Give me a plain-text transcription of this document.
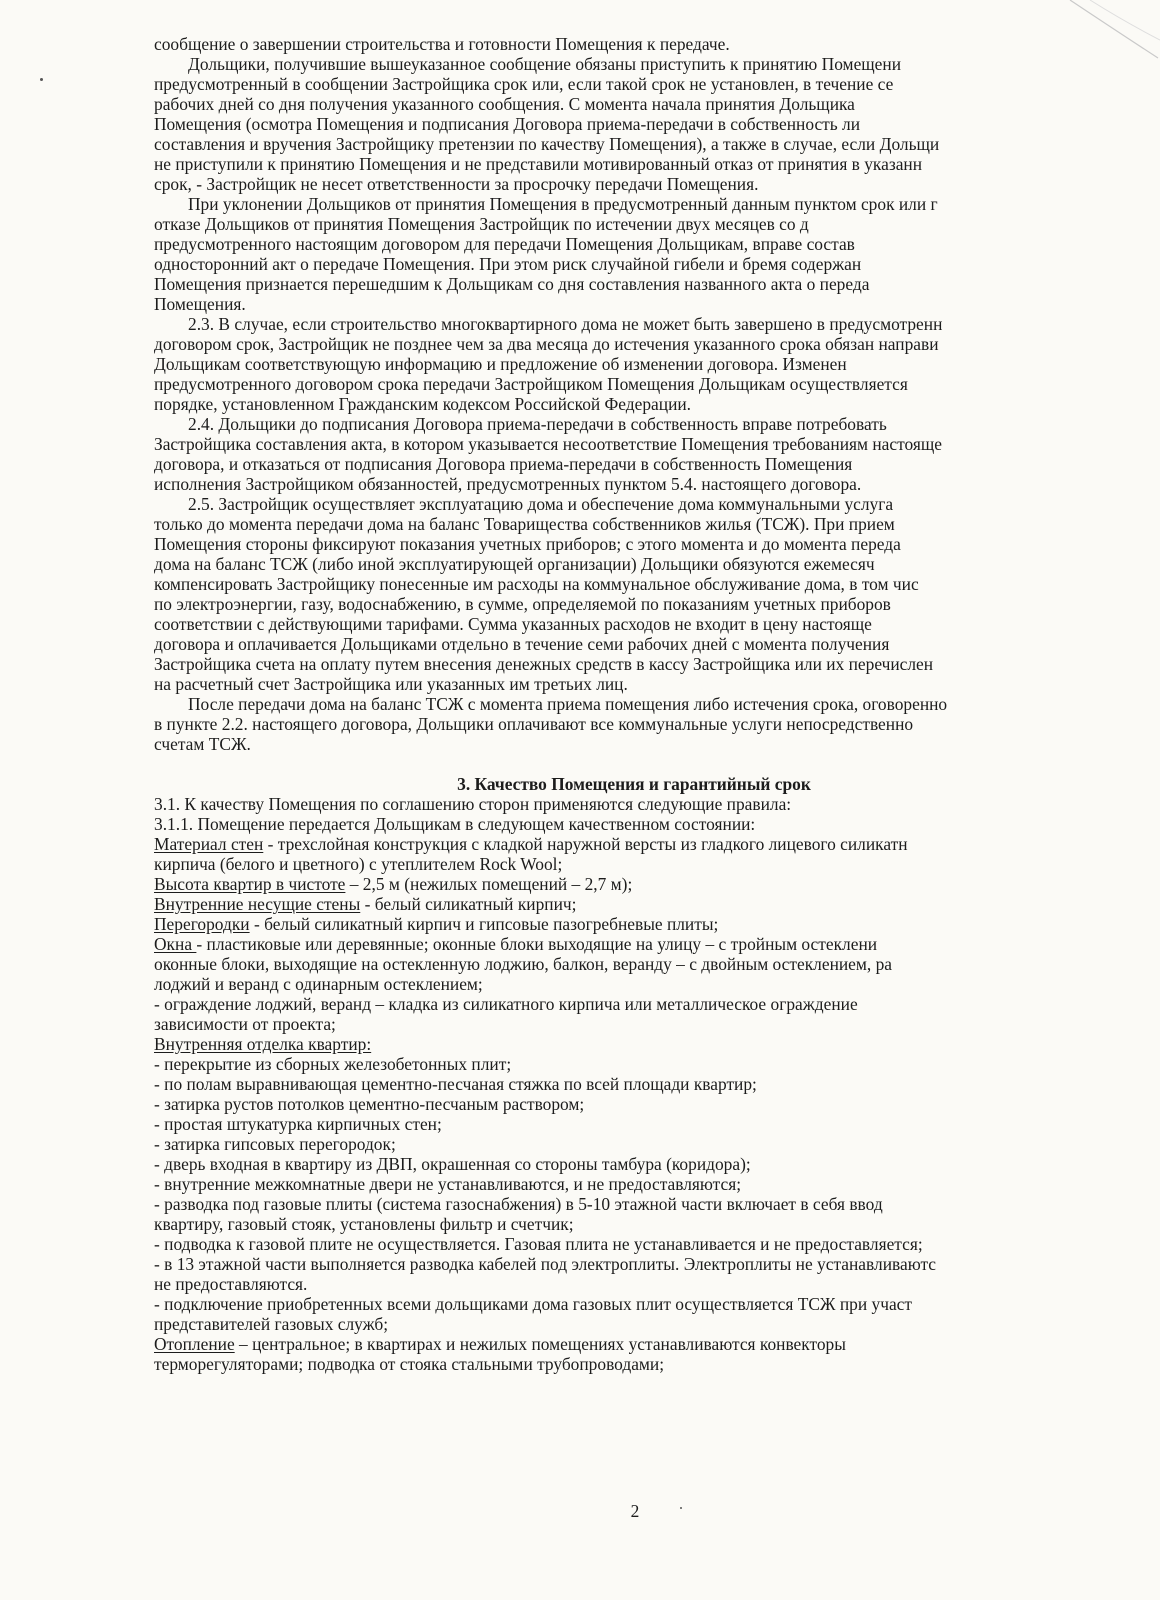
сообщение о завершении строительства и готовности Помещения к передаче.
Дольщики, получившие вышеуказанное сообщение обязаны приступить к принятию Помещени
предусмотренный в сообщении Застройщика срок или, если такой срок не установлен, в течение се
рабочих дней со дня получения указанного сообщения. С момента начала принятия Дольщика
Помещения (осмотра Помещения и подписания Договора приема-передачи в собственность ли
составления и вручения Застройщику претензии по качеству Помещения), а также в случае, если Дольщи
не приступили к принятию Помещения и не представили мотивированный отказ от принятия в указанн
срок, - Застройщик не несет ответственности за просрочку передачи Помещения.
При уклонении Дольщиков от принятия Помещения в предусмотренный данным пунктом срок или г
отказе Дольщиков от принятия Помещения Застройщик по истечении двух месяцев со д
предусмотренного настоящим договором для передачи Помещения Дольщикам, вправе состав
односторонний акт о передаче Помещения. При этом риск случайной гибели и бремя содержан
Помещения признается перешедшим к Дольщикам со дня составления названного акта о переда
Помещения.
2.3. В случае, если строительство многоквартирного дома не может быть завершено в предусмотренн
договором срок, Застройщик не позднее чем за два месяца до истечения указанного срока обязан направи
Дольщикам соответствующую информацию и предложение об изменении договора. Изменен
предусмотренного договором срока передачи Застройщиком Помещения Дольщикам осуществляется
порядке, установленном Гражданским кодексом Российской Федерации.
2.4. Дольщики до подписания Договора приема-передачи в собственность вправе потребовать
Застройщика составления акта, в котором указывается несоответствие Помещения требованиям настояще
договора, и отказаться от подписания Договора приема-передачи в собственность Помещения
исполнения Застройщиком обязанностей, предусмотренных пунктом 5.4. настоящего договора.
2.5. Застройщик осуществляет эксплуатацию дома и обеспечение дома коммунальными услуга
только до момента передачи дома на баланс Товарищества собственников жилья (ТСЖ). При прием
Помещения стороны фиксируют показания учетных приборов; с этого момента и до момента переда
дома на баланс ТСЖ (либо иной эксплуатирующей организации) Дольщики обязуются ежемесяч
компенсировать Застройщику понесенные им расходы на коммунальное обслуживание дома, в том чис
по электроэнергии, газу, водоснабжению, в сумме, определяемой по показаниям учетных приборов
соответствии с действующими тарифами. Сумма указанных расходов не входит в цену настояще
договора и оплачивается Дольщиками отдельно в течение семи рабочих дней с момента получения
Застройщика счета на оплату путем внесения денежных средств в кассу Застройщика или их перечислен
на расчетный счет Застройщика или указанных им третьих лиц.
После передачи дома на баланс ТСЖ с момента приема помещения либо истечения срока, оговоренно
в пункте 2.2. настоящего договора, Дольщики оплачивают все коммунальные услуги непосредственно
счетам ТСЖ.
3. Качество Помещения и гарантийный срок
3.1. К качеству Помещения по соглашению сторон применяются следующие правила:
3.1.1. Помещение передается Дольщикам в следующем качественном состоянии:
Материал стен - трехслойная конструкция с кладкой наружной версты из гладкого лицевого силикатн
кирпича (белого и цветного) с утеплителем Rock Wool;
Высота квартир в чистоте – 2,5 м (нежилых помещений – 2,7 м);
Внутренние несущие стены - белый силикатный кирпич;
Перегородки - белый силикатный кирпич и гипсовые пазогребневые плиты;
Окна - пластиковые или деревянные; оконные блоки выходящие на улицу – с тройным остеклени
оконные блоки, выходящие на остекленную лоджию, балкон, веранду – с двойным остеклением, ра
лоджий и веранд с одинарным остеклением;
- ограждение лоджий, веранд – кладка из силикатного кирпича или металлическое ограждение
зависимости от проекта;
Внутренняя отделка квартир:
- перекрытие из сборных железобетонных плит;
- по полам выравнивающая цементно-песчаная стяжка по всей площади квартир;
- затирка рустов потолков цементно-песчаным раствором;
- простая штукатурка кирпичных стен;
- затирка гипсовых перегородок;
- дверь входная в квартиру из ДВП, окрашенная со стороны тамбура (коридора);
- внутренние межкомнатные двери не устанавливаются, и не предоставляются;
- разводка под газовые плиты (система газоснабжения) в 5-10 этажной части включает в себя ввод
квартиру, газовый стояк, установлены фильтр и счетчик;
- подводка к газовой плите не осуществляется. Газовая плита не устанавливается и не предоставляется;
- в 13 этажной части выполняется разводка кабелей под электроплиты. Электроплиты не устанавливаютс
не предоставляются.
- подключение приобретенных всеми дольщиками дома газовых плит осуществляется ТСЖ при участ
представителей газовых служб;
Отопление – центральное; в квартирах и нежилых помещениях устанавливаются конвекторы
терморегуляторами; подводка от стояка стальными трубопроводами;
2
